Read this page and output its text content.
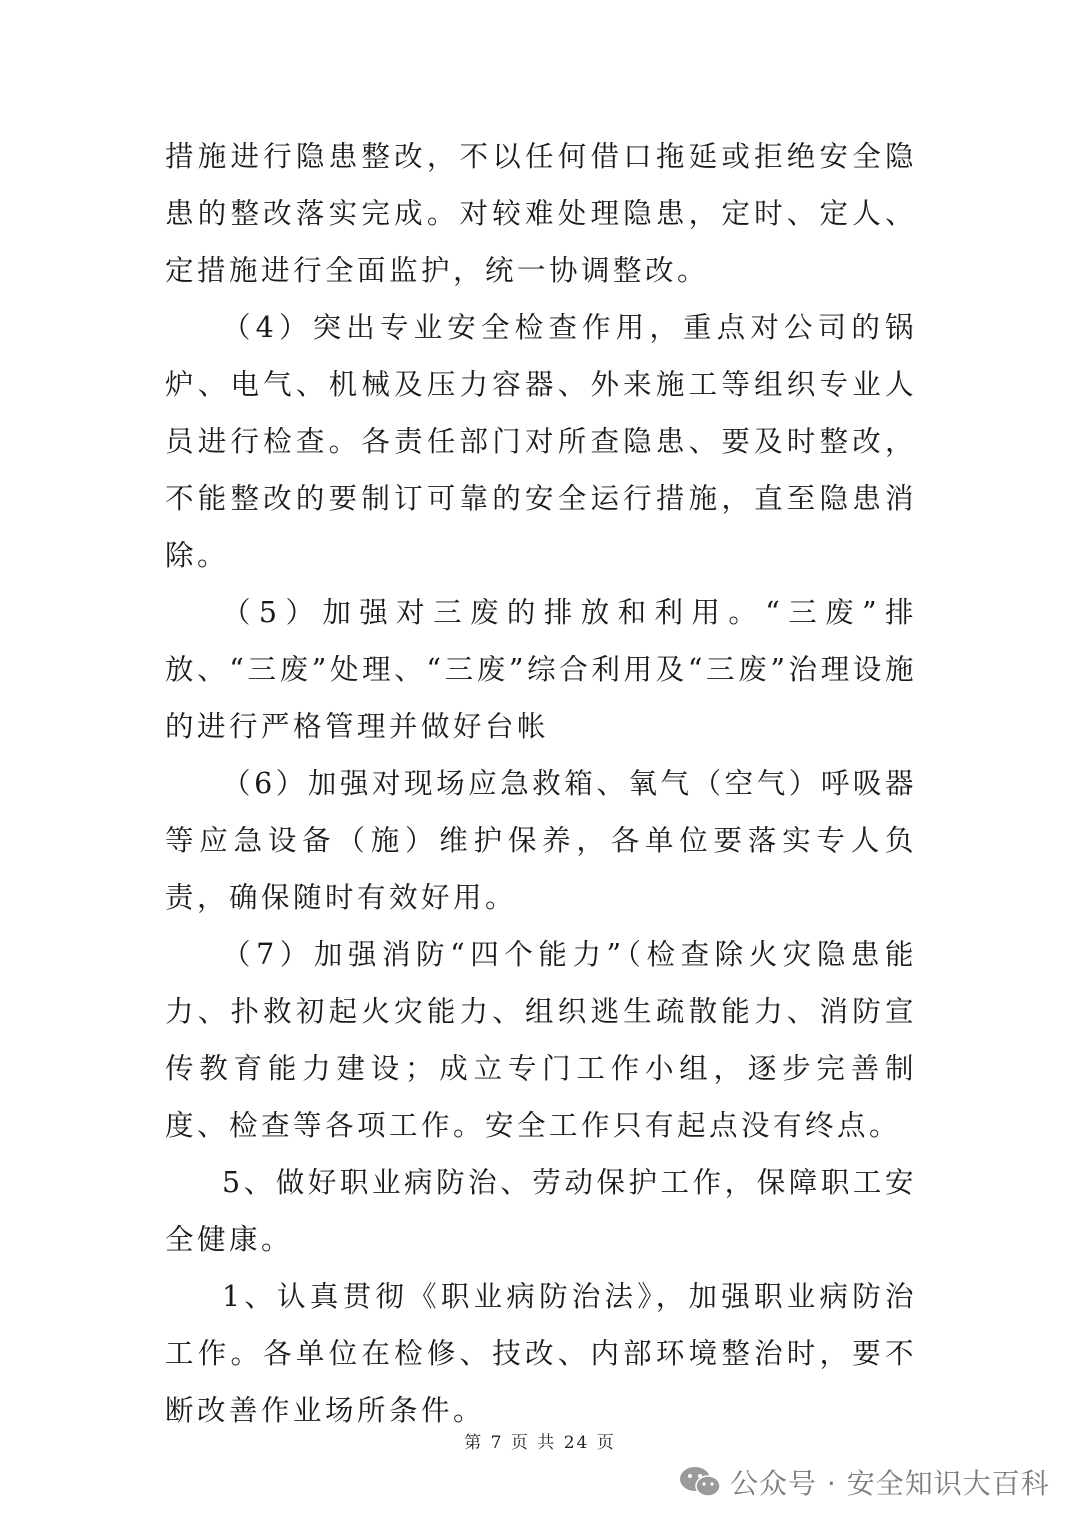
措施进行隐患整改，不以任何借口拖延或拒绝安全隐患的整改落实完成。对较难处理隐患，定时、定人、定措施进行全面监护，统一协调整改。

（4）突出专业安全检查作用，重点对公司的锅炉、电气、机械及压力容器、外来施工等组织专业人员进行检查。各责任部门对所查隐患、要及时整改，不能整改的要制订可靠的安全运行措施，直至隐患消除。

（5）加强对三废的排放和利用。“三废”排放、“三废”处理、“三废”综合利用及“三废”治理设施的进行严格管理并做好台帐

（6）加强对现场应急救箱、氧气（空气）呼吸器等应急设备（施）维护保养，各单位要落实专人负责，确保随时有效好用。

（7）加强消防“四个能力”（检查除火灾隐患能力、扑救初起火灾能力、组织逃生疏散能力、消防宣传教育能力建设；成立专门工作小组，逐步完善制度、检查等各项工作。安全工作只有起点没有终点。

5、做好职业病防治、劳动保护工作，保障职工安全健康。

1、认真贯彻《职业病防治法》，加强职业病防治工作。各单位在检修、技改、内部环境整治时，要不断改善作业场所条件。

第 7 页 共 24 页
公众号 · 安全知识大百科
